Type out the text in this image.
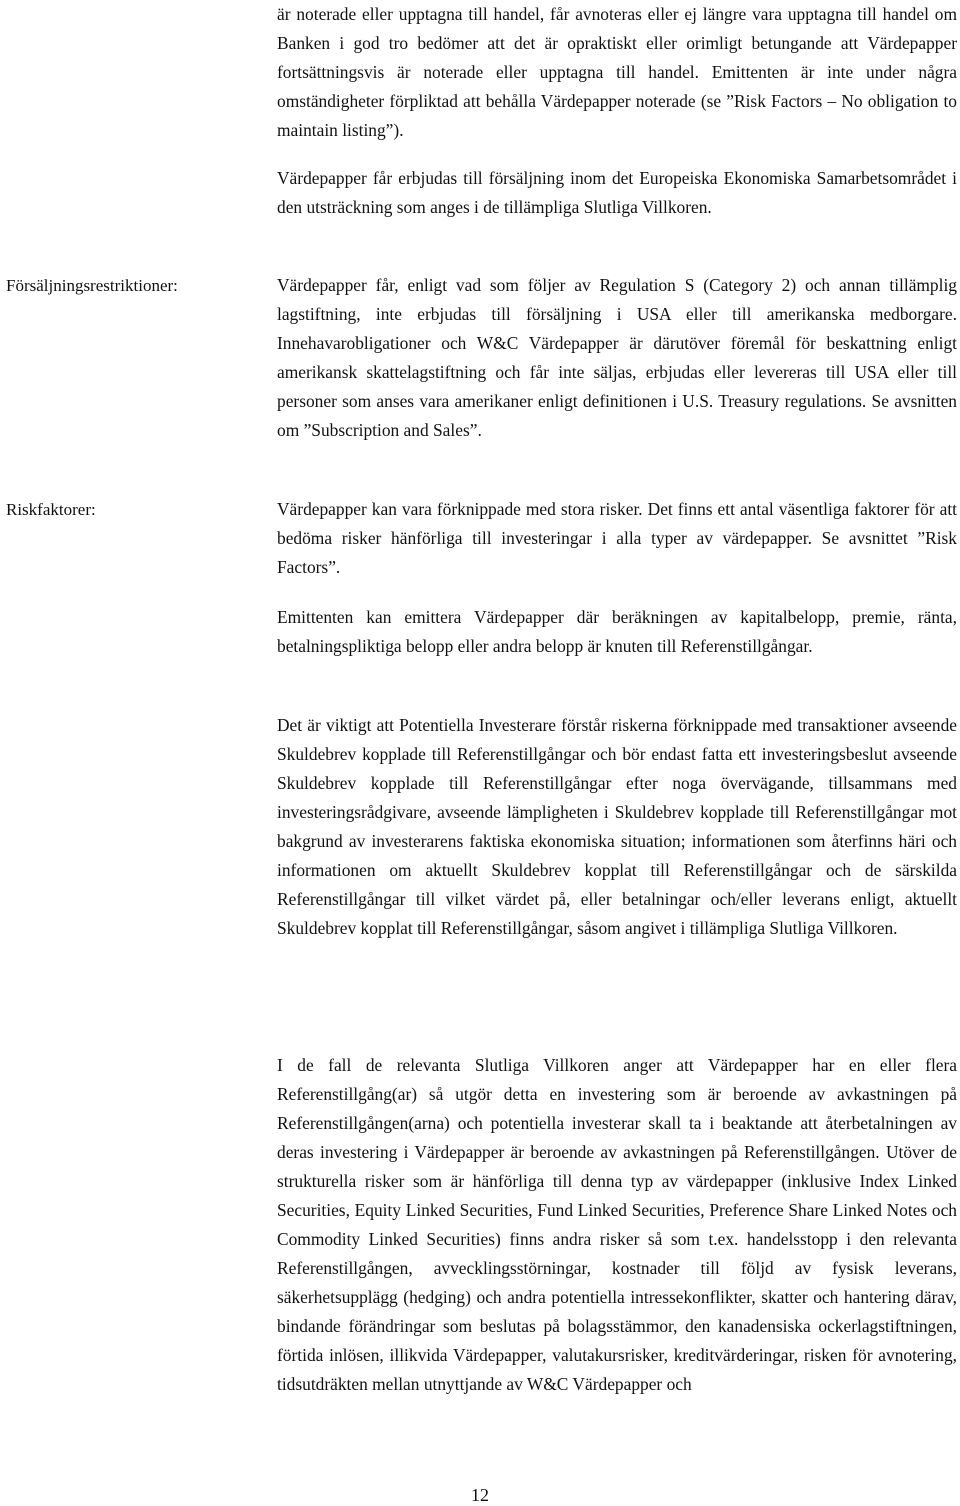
är noterade eller upptagna till handel, får avnoteras eller ej längre vara upptagna till handel om Banken i god tro bedömer att det är opraktiskt eller orimligt betungande att Värdepapper fortsättningsvis är noterade eller upptagna till handel. Emittenten är inte under några omständigheter förpliktad att behålla Värdepapper noterade (se ”Risk Factors – No obligation to maintain listing”).

Värdepapper får erbjudas till försäljning inom det Europeiska Ekonomiska Samarbetsområdet i den utsträckning som anges i de tillämpliga Slutliga Villkoren.

Försäljningsrestriktioner:	Värdepapper får, enligt vad som följer av Regulation S (Category 2) och annan tillämplig lagstiftning, inte erbjudas till försäljning i USA eller till amerikanska medborgare. Innehavarobligationer och W&C Värdepapper är därutöver föremål för beskattning enligt amerikansk skattelagstiftning och får inte säljas, erbjudas eller levereras till USA eller till personer som anses vara amerikaner enligt definitionen i U.S. Treasury regulations. Se avsnitten om ”Subscription and Sales”.

Riskfaktorer:	Värdepapper kan vara förknippade med stora risker. Det finns ett antal väsentliga faktorer för att bedöma risker hänförliga till investeringar i alla typer av värdepapper. Se avsnittet ”Risk Factors”.

Emittenten kan emittera Värdepapper där beräkningen av kapitalbelopp, premie, ränta, betalningspliktiga belopp eller andra belopp är knuten till Referenstillgångar.

Det är viktigt att Potentiella Investerare förstår riskerna förknippade med transaktioner avseende Skuldebrev kopplade till Referenstillgångar och bör endast fatta ett investeringsbeslut avseende Skuldebrev kopplade till Referenstillgångar efter noga övervägande, tillsammans med investeringsrådgivare, avseende lämpligheten i Skuldebrev kopplade till Referenstillgångar mot bakgrund av investerarens faktiska ekonomiska situation; informationen som återfinns häri och informationen om aktuellt Skuldebrev kopplat till Referenstillgångar och de särskilda Referenstillgångar till vilket värdet på, eller betalningar och/eller leverans enligt, aktuellt Skuldebrev kopplat till Referenstillgångar, såsom angivet i tillämpliga Slutliga Villkoren.

I de fall de relevanta Slutliga Villkoren anger att Värdepapper har en eller flera Referenstillgång(ar) så utgör detta en investering som är beroende av avkastningen på Referenstillgången(arna) och potentiella investerar skall ta i beaktande att återbetalningen av deras investering i Värdepapper är beroende av avkastningen på Referenstillgången. Utöver de strukturella risker som är hänförliga till denna typ av värdepapper (inklusive Index Linked Securities, Equity Linked Securities, Fund Linked Securities, Preference Share Linked Notes och Commodity Linked Securities) finns andra risker så som t.ex. handelsstopp i den relevanta Referenstillgången, avvecklingsstörningar, kostnader till följd av fysisk leverans, säkerhetsupplägg (hedging) och andra potentiella intressekonflikter, skatter och hantering därav, bindande förändringar som beslutas på bolagsstämmor, den kanadensiska ockerlagstiftningen, förtida inlösen, illikvida Värdepapper, valutakursrisker, kreditvärderingar, risken för avnotering, tidsutdräkten mellan utnyttjande av W&C Värdepapper och

12
